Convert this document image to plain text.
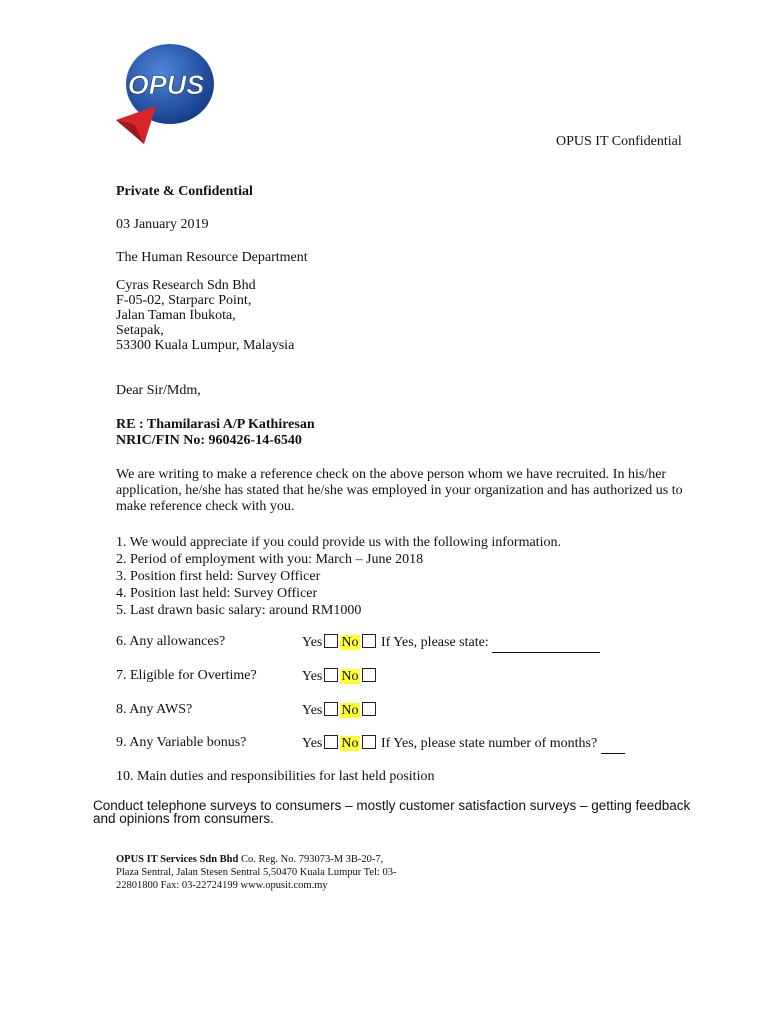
OPUS
OPUS IT Confidential
Private & Confidential
03 January 2019
The Human Resource Department
Cyras Research Sdn Bhd
F-05-02, Starparc Point,
Jalan Taman Ibukota,
Setapak,
53300 Kuala Lumpur, Malaysia
Dear Sir/Mdm,
RE : Thamilarasi A/P Kathiresan
NRIC/FIN No: 960426-14-6540
We are writing to make a reference check on the above person whom we have recruited. In his/her application, he/she has stated that he/she was employed in your organization and has authorized us to make reference check with you.
1. We would appreciate if you could provide us with the following information.
2. Period of employment with you: March – June 2018
3. Position first held: Survey Officer
4. Position last held: Survey Officer
5. Last drawn basic salary: around RM1000
6. Any allowances?	Yes No If Yes, please state:
7. Eligible for Overtime?	Yes No
8. Any AWS?	Yes No
9. Any Variable bonus?	Yes No If Yes, please state number of months?
10. Main duties and responsibilities for last held position
Conduct telephone surveys to consumers – mostly customer satisfaction surveys – getting feedback and opinions from consumers.
OPUS IT Services Sdn Bhd Co. Reg. No. 793073-M 3B-20-7,
Plaza Sentral, Jalan Stesen Sentral 5,50470 Kuala Lumpur Tel: 03-
22801800 Fax: 03-22724199 www.opusit.com.my
